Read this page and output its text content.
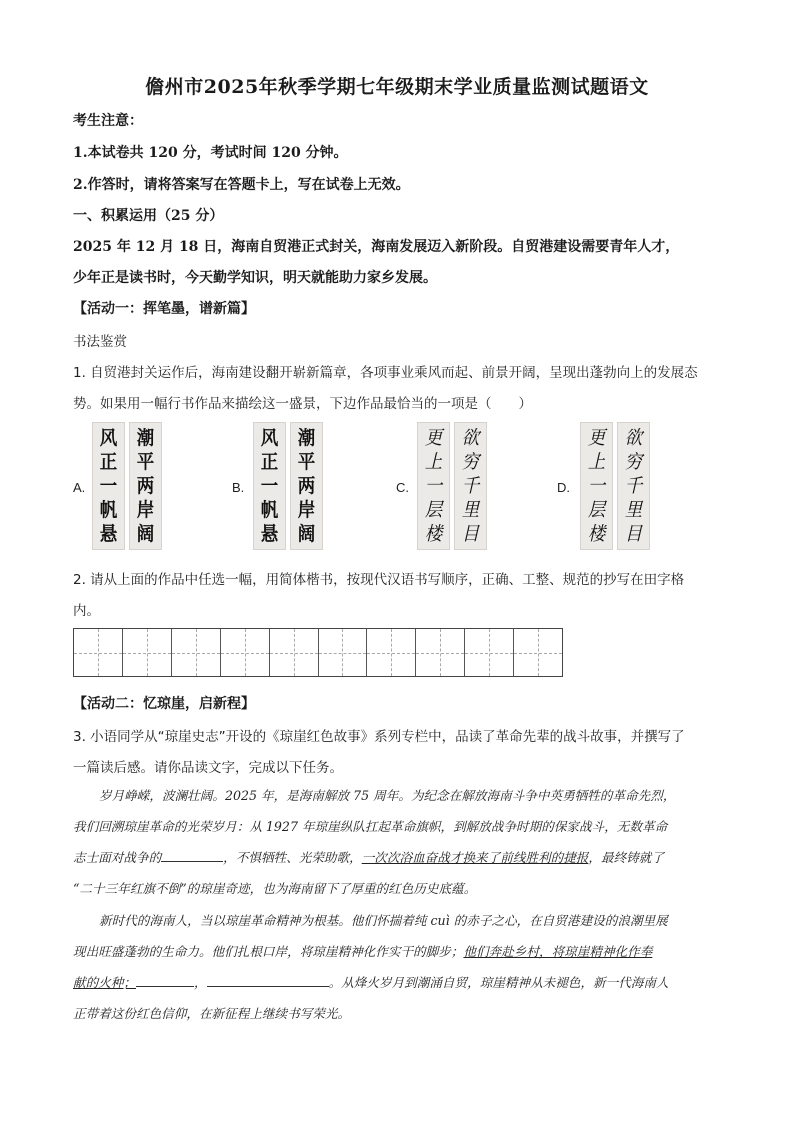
儋州市2025年秋季学期七年级期末学业质量监测试题语文
考生注意：
1.本试卷共 120 分，考试时间 120 分钟。
2.作答时，请将答案写在答题卡上，写在试卷上无效。
一、积累运用（25 分）
2025 年 12 月 18 日，海南自贸港正式封关，海南发展迈入新阶段。自贸港建设需要青年人才，
少年正是读书时，今天勤学知识，明天就能助力家乡发展。
【活动一：挥笔墨，谱新篇】
书法鉴赏
1. 自贸港封关运作后，海南建设翻开崭新篇章，各项事业乘风而起、前景开阔，呈现出蓬勃向上的发展态
势。如果用一幅行书作品来描绘这一盛景，下边作品最恰当的一项是（　　）
A.
风
正
一
帆
悬
潮
平
两
岸
阔
B.
风
正
一
帆
悬
潮
平
两
岸
阔
C.
更
上
一
层
楼
欲
穷
千
里
目
D.
更
上
一
层
楼
欲
穷
千
里
目
2. 请从上面的作品中任选一幅，用简体楷书，按现代汉语书写顺序，正确、工整、规范的抄写在田字格
内。
【活动二：忆琼崖，启新程】
3. 小语同学从“琼崖史志”开设的《琼崖红色故事》系列专栏中，品读了革命先辈的战斗故事，并撰写了
一篇读后感。请你品读文字，完成以下任务。
岁月峥嵘，波澜壮阔。2025 年，是海南解放 75 周年。为纪念在解放海南斗争中英勇牺牲的革命先烈，
我们回溯琼崖革命的光荣岁月：从 1927 年琼崖纵队扛起革命旗帜，到解放战争时期的保家战斗，无数革命
志士面对战争的	，不惧牺牲、光荣助歌，一次次浴血奋战才换来了前线胜利的捷报，最终铸就了
“二十三年红旗不倒”的琼崖奇迹，也为海南留下了厚重的红色历史底蕴。
新时代的海南人，当以琼崖革命精神为根基。他们怀揣着纯 cuì 的赤子之心，在自贸港建设的浪潮里展
现出旺盛蓬勃的生命力。他们扎根口岸，将琼崖精神化作实干的脚步；他们奔赴乡村，将琼崖精神化作奉
献的火种；	，	。从烽火岁月到潮涌自贸，琼崖精神从未褪色，新一代海南人
正带着这份红色信仰，在新征程上继续书写荣光。
